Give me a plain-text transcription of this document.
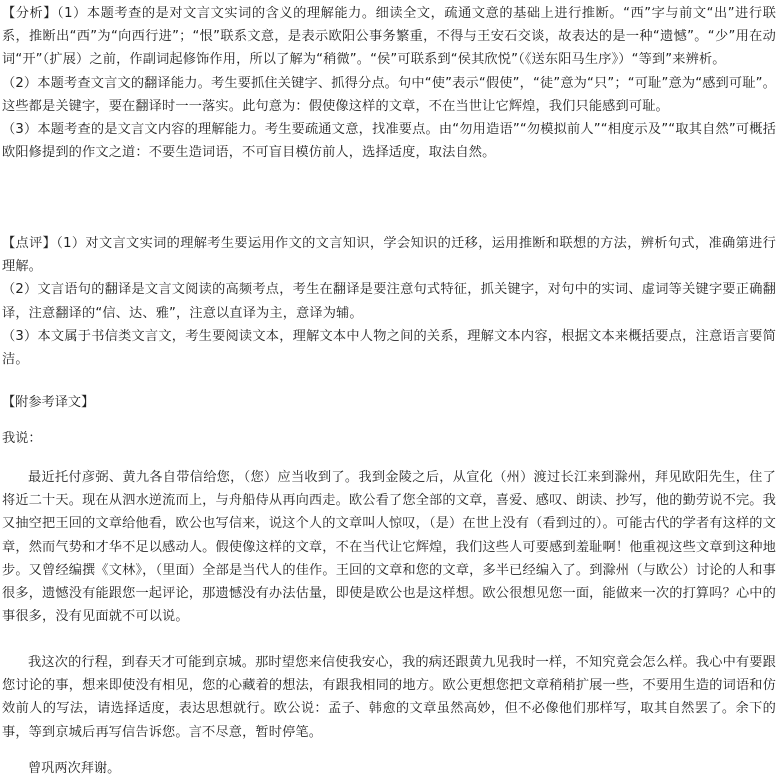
【分析】（1）本题考查的是对文言文实词的含义的理解能力。细读全文，疏通文意的基础上进行推断。“西”字与前文“出”进行联系，推断出“西”为“向西行进”；“恨”联系文意，是表示欧阳公事务繁重，不得与王安石交谈，故表达的是一种“遗憾”。“少”用在动词“开”（扩展）之前，作副词起修饰作用，所以了解为“稍微”。“侯”可联系到“侯其欣悦”（《送东阳马生序》）“等到”来辨析。

（2）本题考查文言文的翻译能力。考生要抓住关键字、抓得分点。句中“使”表示“假使”，“徒”意为“只”；“可耻”意为“感到可耻”。这些都是关键字，要在翻译时一一落实。此句意为：假使像这样的文章，不在当世让它辉煌，我们只能感到可耻。

（3）本题考查的是文言文内容的理解能力。考生要疏通文意，找准要点。由“勿用造语”“勿模拟前人”“相度示及”“取其自然”可概括欧阳修提到的作文之道：不要生造词语，不可盲目模仿前人，选择适度，取法自然。

【点评】（1）对文言文实词的理解考生要运用作文的文言知识，学会知识的迁移，运用推断和联想的方法，辨析句式，准确第进行理解。

（2）文言语句的翻译是文言文阅读的高频考点，考生在翻译是要注意句式特征，抓关键字，对句中的实词、虚词等关键字要正确翻译，注意翻译的“信、达、雅”，注意以直译为主，意译为辅。

（3）本文属于书信类文言文，考生要阅读文本，理解文本中人物之间的关系，理解文本内容，根据文本来概括要点，注意语言要简洁。

【附参考译文】

我说：

最近托付彦弼、黄九各自带信给您，（您）应当收到了。我到金陵之后，从宣化（州）渡过长江来到滁州，拜见欧阳先生，住了将近二十天。现在从泗水逆流而上，与舟船侍从再向西走。欧公看了您全部的文章，喜爱、感叹、朗读、抄写，他的勤劳说不完。我又抽空把王回的文章给他看，欧公也写信来，说这个人的文章叫人惊叹，（是）在世上没有（看到过的）。可能古代的学者有这样的文章，然而气势和才华不足以感动人。假使像这样的文章，不在当代让它辉煌，我们这些人可要感到羞耻啊！他重视这些文章到这种地步。又曾经编撰《文林》，（里面）全部是当代人的佳作。王回的文章和您的文章，多半已经编入了。到滁州（与欧公）讨论的人和事很多，遗憾没有能跟您一起评论，那遗憾没有办法估量，即使是欧公也是这样想。欧公很想见您一面，能做来一次的打算吗？心中的事很多，没有见面就不可以说。

我这次的行程，到春天才可能到京城。那时望您来信使我安心，我的病还跟黄九见我时一样，不知究竟会怎么样。我心中有要跟您讨论的事，想来即使没有相见，您的心藏着的想法，有跟我相同的地方。欧公更想您把文章稍稍扩展一些，不要用生造的词语和仿效前人的写法，请选择适度，表达思想就行。欧公说：孟子、韩愈的文章虽然高妙，但不必像他们那样写，取其自然罢了。余下的事，等到京城后再写信告诉您。言不尽意，暂时停笔。

曾巩两次拜谢。
